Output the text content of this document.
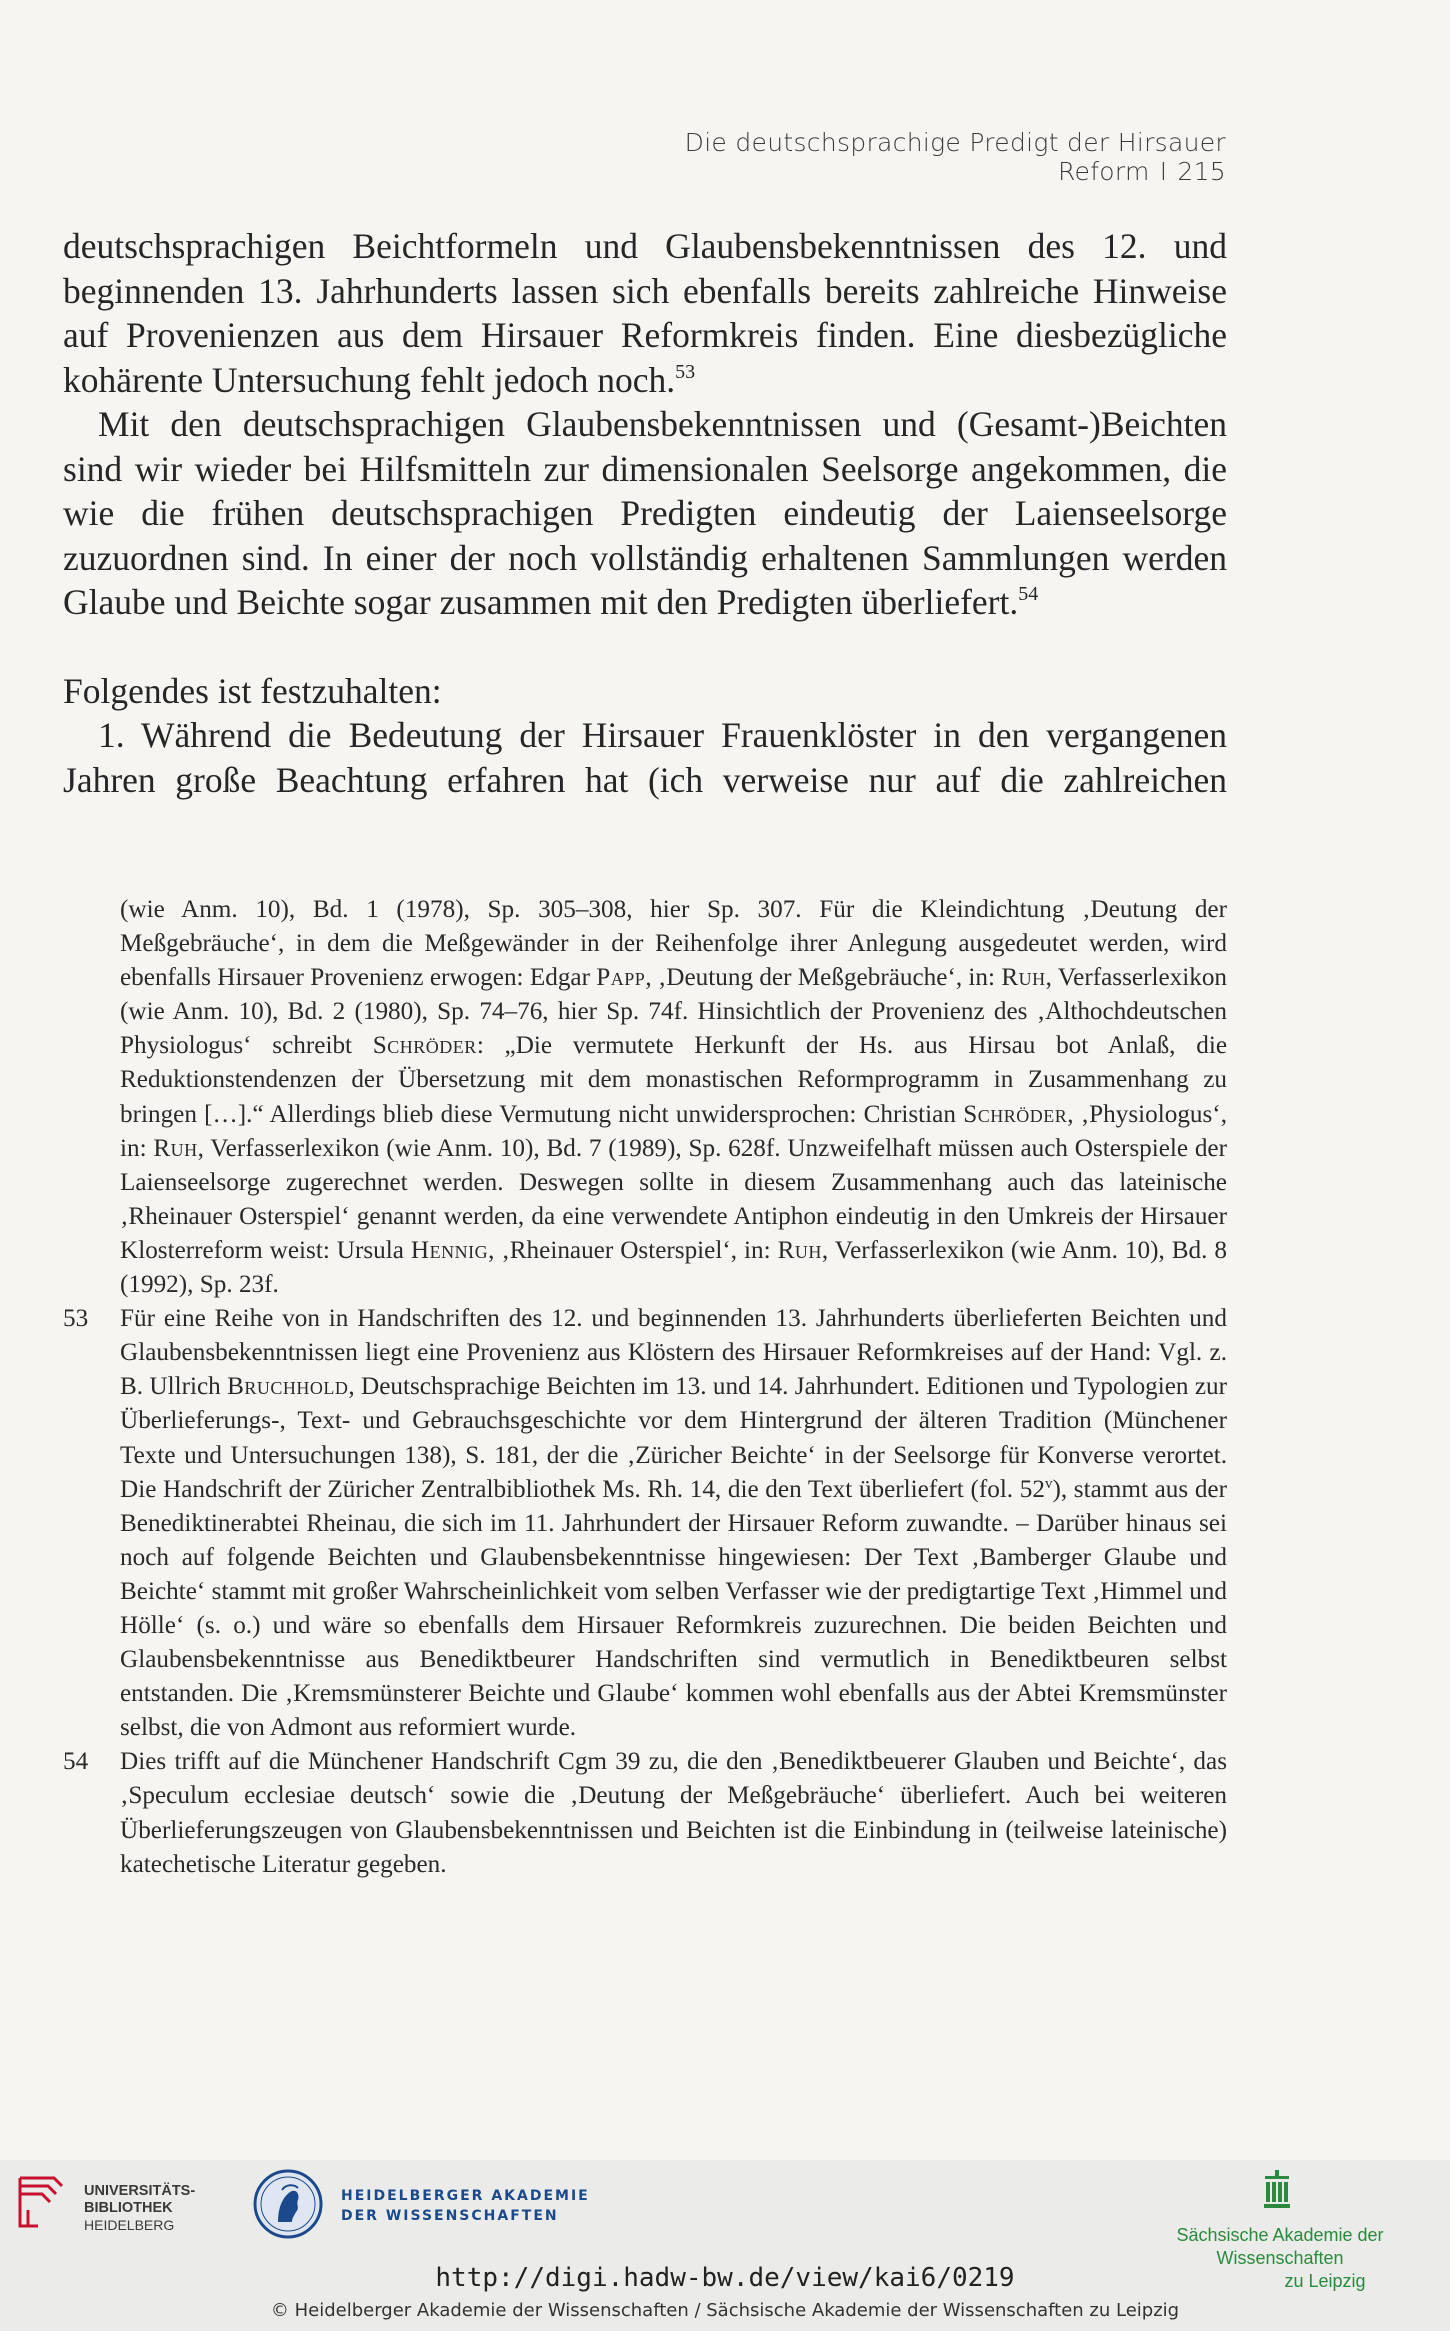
Die deutschsprachige Predigt der Hirsauer Reform I 215

deutschsprachigen Beichtformeln und Glaubensbekenntnissen des 12. und beginnenden 13. Jahrhunderts lassen sich ebenfalls bereits zahlreiche Hinweise auf Provenienzen aus dem Hirsauer Reformkreis finden. Eine diesbezügliche kohärente Untersuchung fehlt jedoch noch.$^{53}$

Mit den deutschsprachigen Glaubensbekenntnissen und (Gesamt-)Beichten sind wir wieder bei Hilfsmitteln zur dimensionalen Seelsorge angekommen, die wie die frühen deutschsprachigen Predigten eindeutig der Laienseelsorge zuzuordnen sind. In einer der noch vollständig erhaltenen Sammlungen werden Glaube und Beichte sogar zusammen mit den Predigten überliefert.$^{54}$

Folgendes ist festzuhalten:

1. Während die Bedeutung der Hirsauer Frauenklöster in den vergangenen Jahren große Beachtung erfahren hat (ich verweise nur auf die zahlreichen

(wie Anm. 10), Bd. 1 (1978), Sp. 305–308, hier Sp. 307. Für die Kleindichtung ‚Deutung der Meßgebräuche‘, in dem die Meßgewänder in der Reihenfolge ihrer Anlegung ausgedeutet werden, wird ebenfalls Hirsauer Provenienz erwogen: Edgar Papp, ‚Deutung der Meßgebräuche‘, in: Ruh, Verfasserlexikon (wie Anm. 10), Bd. 2 (1980), Sp. 74–76, hier Sp. 74f. Hinsichtlich der Provenienz des ‚Althochdeutschen Physiologus‘ schreibt Schröder: „Die vermutete Herkunft der Hs. aus Hirsau bot Anlaß, die Reduktionstendenzen der Übersetzung mit dem monastischen Reformprogramm in Zusammenhang zu bringen […].“ Allerdings blieb diese Vermutung nicht unwidersprochen: Christian Schröder, ‚Physiologus‘, in: Ruh, Verfasserlexikon (wie Anm. 10), Bd. 7 (1989), Sp. 628f. Unzweifelhaft müssen auch Osterspiele der Laienseelsorge zugerechnet werden. Deswegen sollte in diesem Zusammenhang auch das lateinische ‚Rheinauer Osterspiel‘ genannt werden, da eine verwendete Antiphon eindeutig in den Umkreis der Hirsauer Klosterreform weist: Ursula Hennig, ‚Rheinauer Osterspiel‘, in: Ruh, Verfasserlexikon (wie Anm. 10), Bd. 8 (1992), Sp. 23f.

53 Für eine Reihe von in Handschriften des 12. und beginnenden 13. Jahrhunderts überlieferten Beichten und Glaubensbekenntnissen liegt eine Provenienz aus Klöstern des Hirsauer Reformkreises auf der Hand: Vgl. z. B. Ullrich Bruchhold, Deutschsprachige Beichten im 13. und 14. Jahrhundert. Editionen und Typologien zur Überlieferungs-, Text- und Gebrauchsgeschichte vor dem Hintergrund der älteren Tradition (Münchener Texte und Untersuchungen 138), S. 181, der die ‚Züricher Beichte‘ in der Seelsorge für Konverse verortet. Die Handschrift der Züricher Zentralbibliothek Ms. Rh. 14, die den Text überliefert (fol. 52$^v$), stammt aus der Benediktinerabtei Rheinau, die sich im 11. Jahrhundert der Hirsauer Reform zuwandte. – Darüber hinaus sei noch auf folgende Beichten und Glaubensbekenntnisse hingewiesen: Der Text ‚Bamberger Glaube und Beichte‘ stammt mit großer Wahrscheinlichkeit vom selben Verfasser wie der predigtartige Text ‚Himmel und Hölle‘ (s. o.) und wäre so ebenfalls dem Hirsauer Reformkreis zuzurechnen. Die beiden Beichten und Glaubensbekenntnisse aus Benediktbeurer Handschriften sind vermutlich in Benediktbeuren selbst entstanden. Die ‚Kremsmünsterer Beichte und Glaube‘ kommen wohl ebenfalls aus der Abtei Kremsmünster selbst, die von Admont aus reformiert wurde.

54 Dies trifft auf die Münchener Handschrift Cgm 39 zu, die den ‚Benediktbeuerer Glauben und Beichte‘, das ‚Speculum ecclesiae deutsch‘ sowie die ‚Deutung der Meßgebräuche‘ überliefert. Auch bei weiteren Überlieferungszeugen von Glaubensbekenntnissen und Beichten ist die Einbindung in (teilweise lateinische) katechetische Literatur gegeben.

UNIVERSITÄTS-
BIBLIOTHEK
HEIDELBERG
HEIDELBERGER AKADEMIE
DER WISSENSCHAFTEN
Sächsische Akademie der Wissenschaften
zu Leipzig
http://digi.hadw-bw.de/view/kai6/0219
© Heidelberger Akademie der Wissenschaften / Sächsische Akademie der Wissenschaften zu Leipzig
